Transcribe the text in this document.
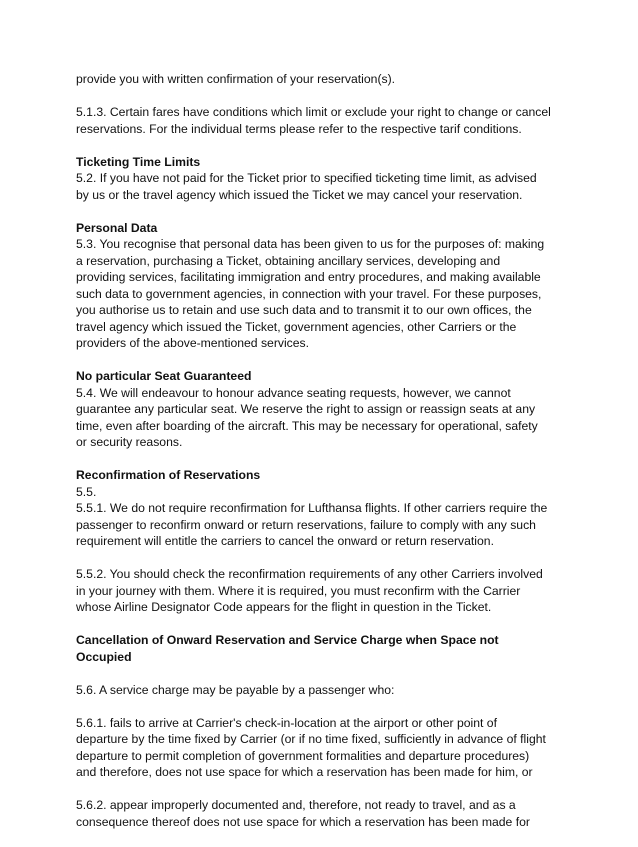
provide you with written confirmation of your reservation(s).
5.1.3. Certain fares have conditions which limit or exclude your right to change or cancel
reservations. For the individual terms please refer to the respective tarif conditions.
Ticketing Time Limits
5.2. If you have not paid for the Ticket prior to specified ticketing time limit, as advised
by us or the travel agency which issued the Ticket we may cancel your reservation.
Personal Data
5.3. You recognise that personal data has been given to us for the purposes of: making
a reservation, purchasing a Ticket, obtaining ancillary services, developing and
providing services, facilitating immigration and entry procedures, and making available
such data to government agencies, in connection with your travel. For these purposes,
you authorise us to retain and use such data and to transmit it to our own offices, the
travel agency which issued the Ticket, government agencies, other Carriers or the
providers of the above-mentioned services.
No particular Seat Guaranteed
5.4. We will endeavour to honour advance seating requests, however, we cannot
guarantee any particular seat. We reserve the right to assign or reassign seats at any
time, even after boarding of the aircraft. This may be necessary for operational, safety
or security reasons.
Reconfirmation of Reservations
5.5.
5.5.1. We do not require reconfirmation for Lufthansa flights. If other carriers require the
passenger to reconfirm onward or return reservations, failure to comply with any such
requirement will entitle the carriers to cancel the onward or return reservation.
5.5.2. You should check the reconfirmation requirements of any other Carriers involved
in your journey with them. Where it is required, you must reconfirm with the Carrier
whose Airline Designator Code appears for the flight in question in the Ticket.
Cancellation of Onward Reservation and Service Charge when Space not
Occupied
5.6. A service charge may be payable by a passenger who:
5.6.1. fails to arrive at Carrier's check-in-location at the airport or other point of
departure by the time fixed by Carrier (or if no time fixed, sufficiently in advance of flight
departure to permit completion of government formalities and departure procedures)
and therefore, does not use space for which a reservation has been made for him, or
5.6.2. appear improperly documented and, therefore, not ready to travel, and as a
consequence thereof does not use space for which a reservation has been made for
